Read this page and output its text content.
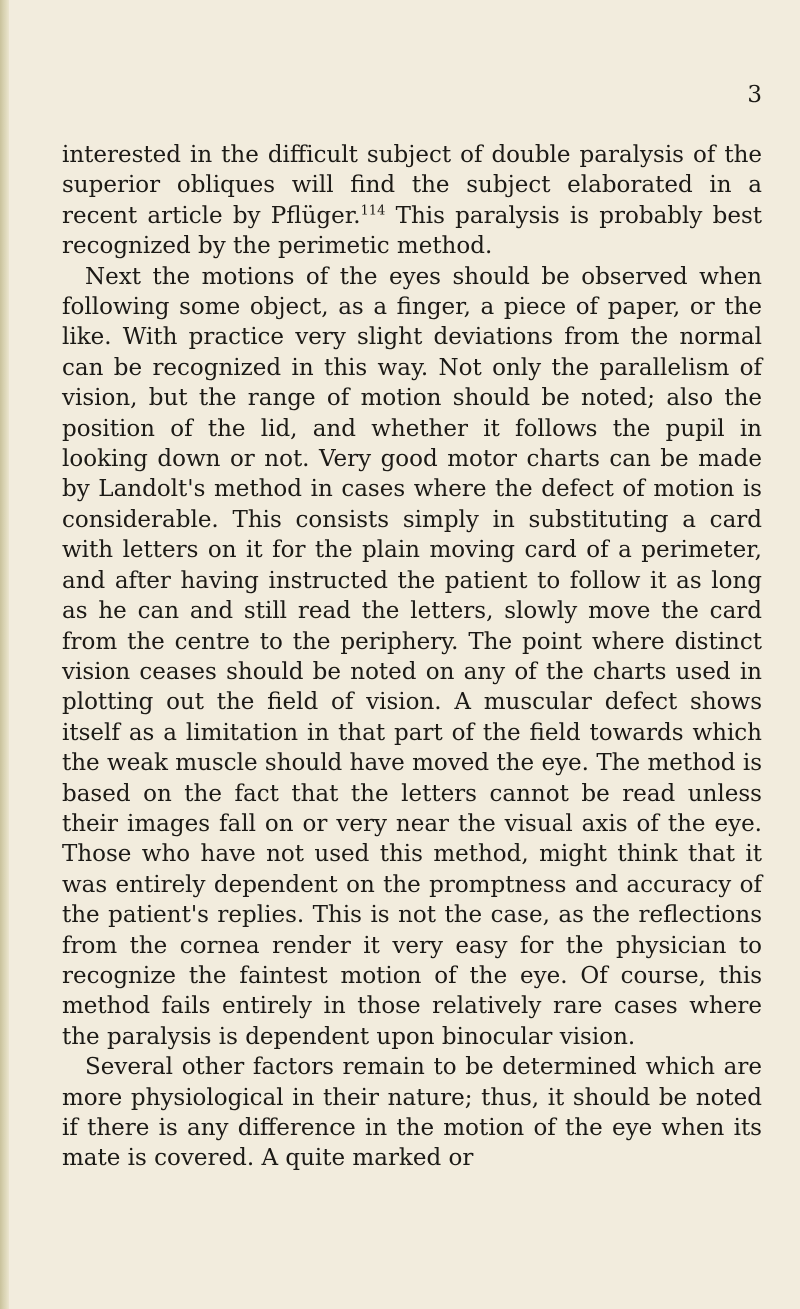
3

interested in the difficult subject of double paralysis of the superior obliques will find the subject elaborated in a recent article by Pflüger.$^{114}$ This paralysis is probably best recognized by the perimetic method.

Next the motions of the eyes should be observed when following some object, as a finger, a piece of paper, or the like. With practice very slight deviations from the normal can be recognized in this way. Not only the parallelism of vision, but the range of motion should be noted; also the position of the lid, and whether it follows the pupil in looking down or not. Very good motor charts can be made by Landolt's method in cases where the defect of motion is considerable. This consists simply in substituting a card with letters on it for the plain moving card of a perimeter, and after having instructed the patient to follow it as long as he can and still read the letters, slowly move the card from the centre to the periphery. The point where distinct vision ceases should be noted on any of the charts used in plotting out the field of vision. A muscular defect shows itself as a limitation in that part of the field towards which the weak muscle should have moved the eye. The method is based on the fact that the letters cannot be read unless their images fall on or very near the visual axis of the eye. Those who have not used this method, might think that it was entirely dependent on the promptness and accuracy of the patient's replies. This is not the case, as the reflections from the cornea render it very easy for the physician to recognize the faintest motion of the eye. Of course, this method fails entirely in those relatively rare cases where the paralysis is dependent upon binocular vision.

Several other factors remain to be determined which are more physiological in their nature; thus, it should be noted if there is any difference in the motion of the eye when its mate is covered. A quite marked or
